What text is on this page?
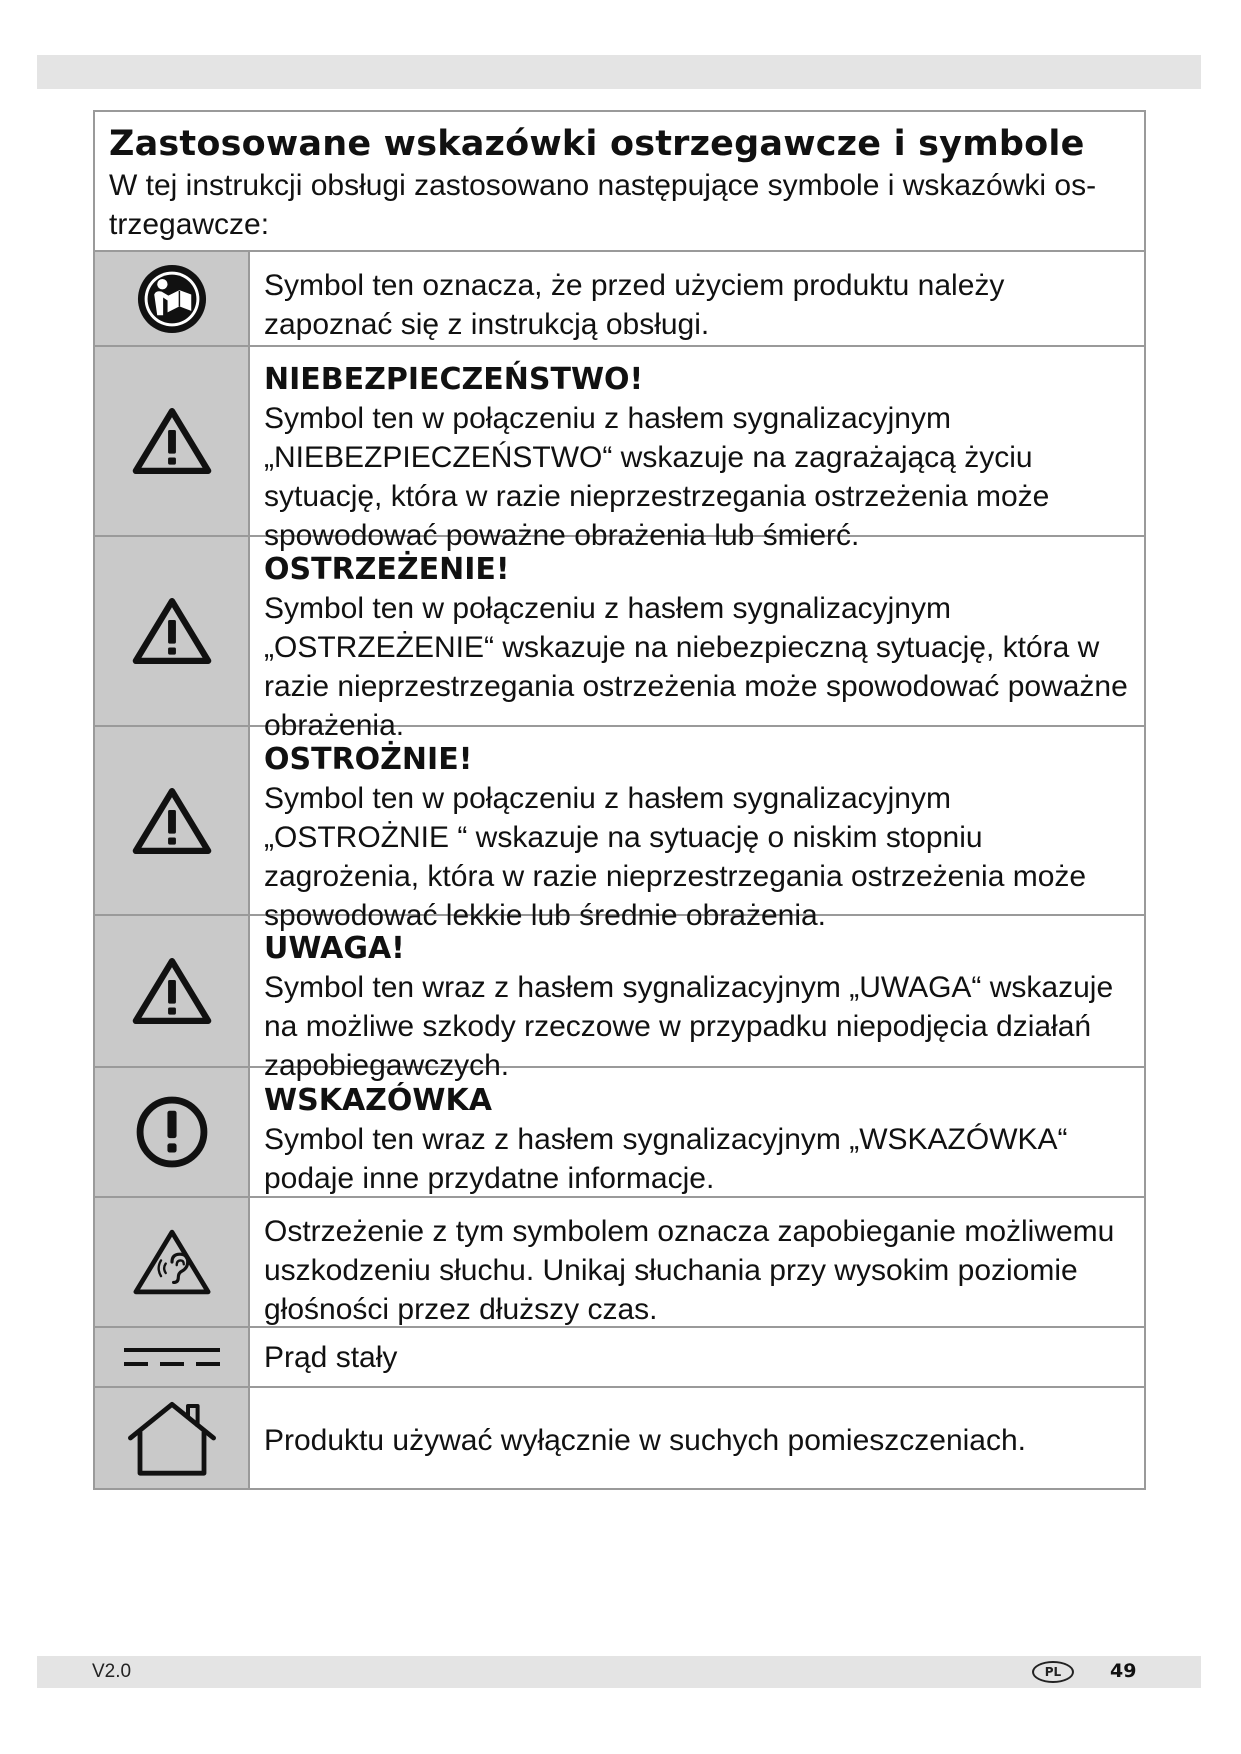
Zastosowane wskazówki ostrzegawcze i symbole
W tej instrukcji obsługi zastosowano następujące symbole i wskazówki os-trzegawcze:
Symbol ten oznacza, że przed użyciem produktu należy zapoznać się z instrukcją obsługi.
NIEBEZPIECZEŃSTWO!
Symbol ten w połączeniu z hasłem sygnalizacyjnym „NIEBEZPIECZEŃSTWO“ wskazuje na zagrażającą życiu sytuację, która w razie nieprzestrzegania ostrzeżenia może spowodować poważne obrażenia lub śmierć.
OSTRZEŻENIE!
Symbol ten w połączeniu z hasłem sygnalizacyjnym „OSTRZEŻENIE“ wskazuje na niebezpieczną sytuację, która w razie nieprzestrzegania ostrzeżenia może spowodować poważne obrażenia.
OSTROŻNIE!
Symbol ten w połączeniu z hasłem sygnalizacyjnym „OSTROŻNIE “ wskazuje na sytuację o niskim stopniu zagrożenia, która w razie nieprzestrzegania ostrzeżenia może spowodować lekkie lub średnie obrażenia.
UWAGA!
Symbol ten wraz z hasłem sygnalizacyjnym „UWAGA“ wskazuje na możliwe szkody rzeczowe w przypadku niepodjęcia działań zapobiegawczych.
WSKAZÓWKA
Symbol ten wraz z hasłem sygnalizacyjnym „WSKAZÓWKA“ podaje inne przydatne informacje.
Ostrzeżenie z tym symbolem oznacza zapobieganie możliwemu uszkodzeniu słuchu. Unikaj słuchania przy wysokim poziomie głośności przez dłuższy czas.
Prąd stały
Produktu używać wyłącznie w suchych pomieszczeniach.
V2.0	PL	49
